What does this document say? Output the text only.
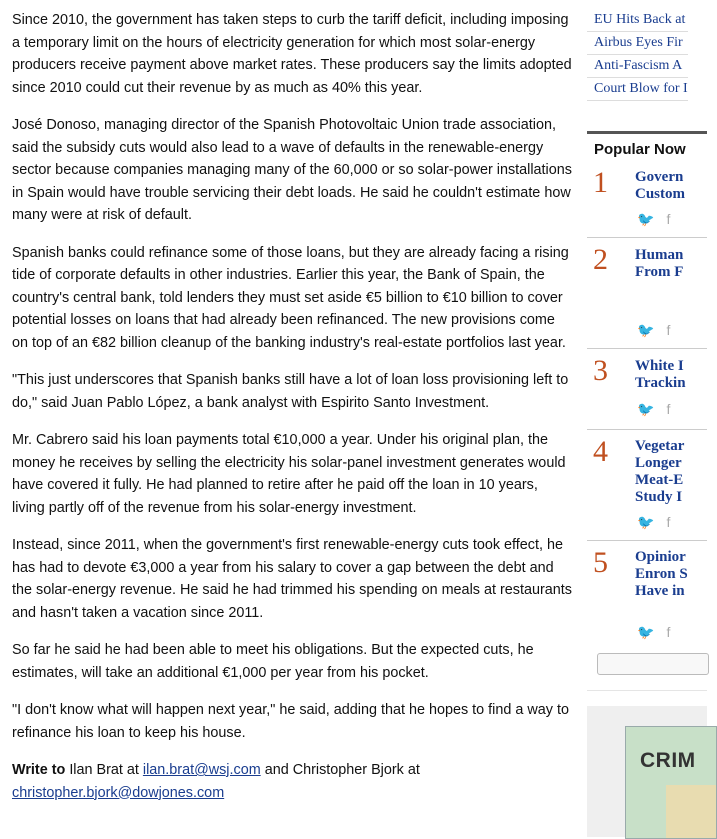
Since 2010, the government has taken steps to curb the tariff deficit, including imposing a temporary limit on the hours of electricity generation for which most solar-energy producers receive payment above market rates. These producers say the limits adopted since 2010 could cut their revenue by as much as 40% this year.

José Donoso, managing director of the Spanish Photovoltaic Union trade association, said the subsidy cuts would also lead to a wave of defaults in the renewable-energy sector because companies managing many of the 60,000 or so solar-power installations in Spain would have trouble servicing their debt loads. He said he couldn't estimate how many were at risk of default.

Spanish banks could refinance some of those loans, but they are already facing a rising tide of corporate defaults in other industries. Earlier this year, the Bank of Spain, the country's central bank, told lenders they must set aside €5 billion to €10 billion to cover potential losses on loans that had already been refinanced. The new provisions come on top of an €82 billion cleanup of the banking industry's real-estate portfolios last year.

"This just underscores that Spanish banks still have a lot of loan loss provisioning left to do," said Juan Pablo López, a bank analyst with Espirito Santo Investment.

Mr. Cabrero said his loan payments total €10,000 a year. Under his original plan, the money he receives by selling the electricity his solar-panel investment generates would have covered it fully. He had planned to retire after he paid off the loan in 10 years, living partly off of the revenue from his solar-energy investment.

Instead, since 2011, when the government's first renewable-energy cuts took effect, he has had to devote €3,000 a year from his salary to cover a gap between the debt and the solar-energy revenue. He said he had trimmed his spending on meals at restaurants and hasn't taken a vacation since 2011.

So far he said he had been able to meet his obligations. But the expected cuts, he estimates, will take an additional €1,000 per year from his pocket.

"I don't know what will happen next year," he said, adding that he hopes to find a way to refinance his loan to keep his house.

Write to Ilan Brat at ilan.brat@wsj.com and Christopher Bjork at
christopher.bjork@dowjones.com

EU Hits Back at
Airbus Eyes Fir
Anti-Fascism A
Court Blow for I
Popular Now
1 Govern
Custom
🐦 f
2 Human
From F
🐦 f
3 White I
Trackin
🐦 f
4 Vegetar
Longer
Meat-E
Study I
🐦 f
5 Opinior
Enron S
Have in
🐦 f
CRIM
